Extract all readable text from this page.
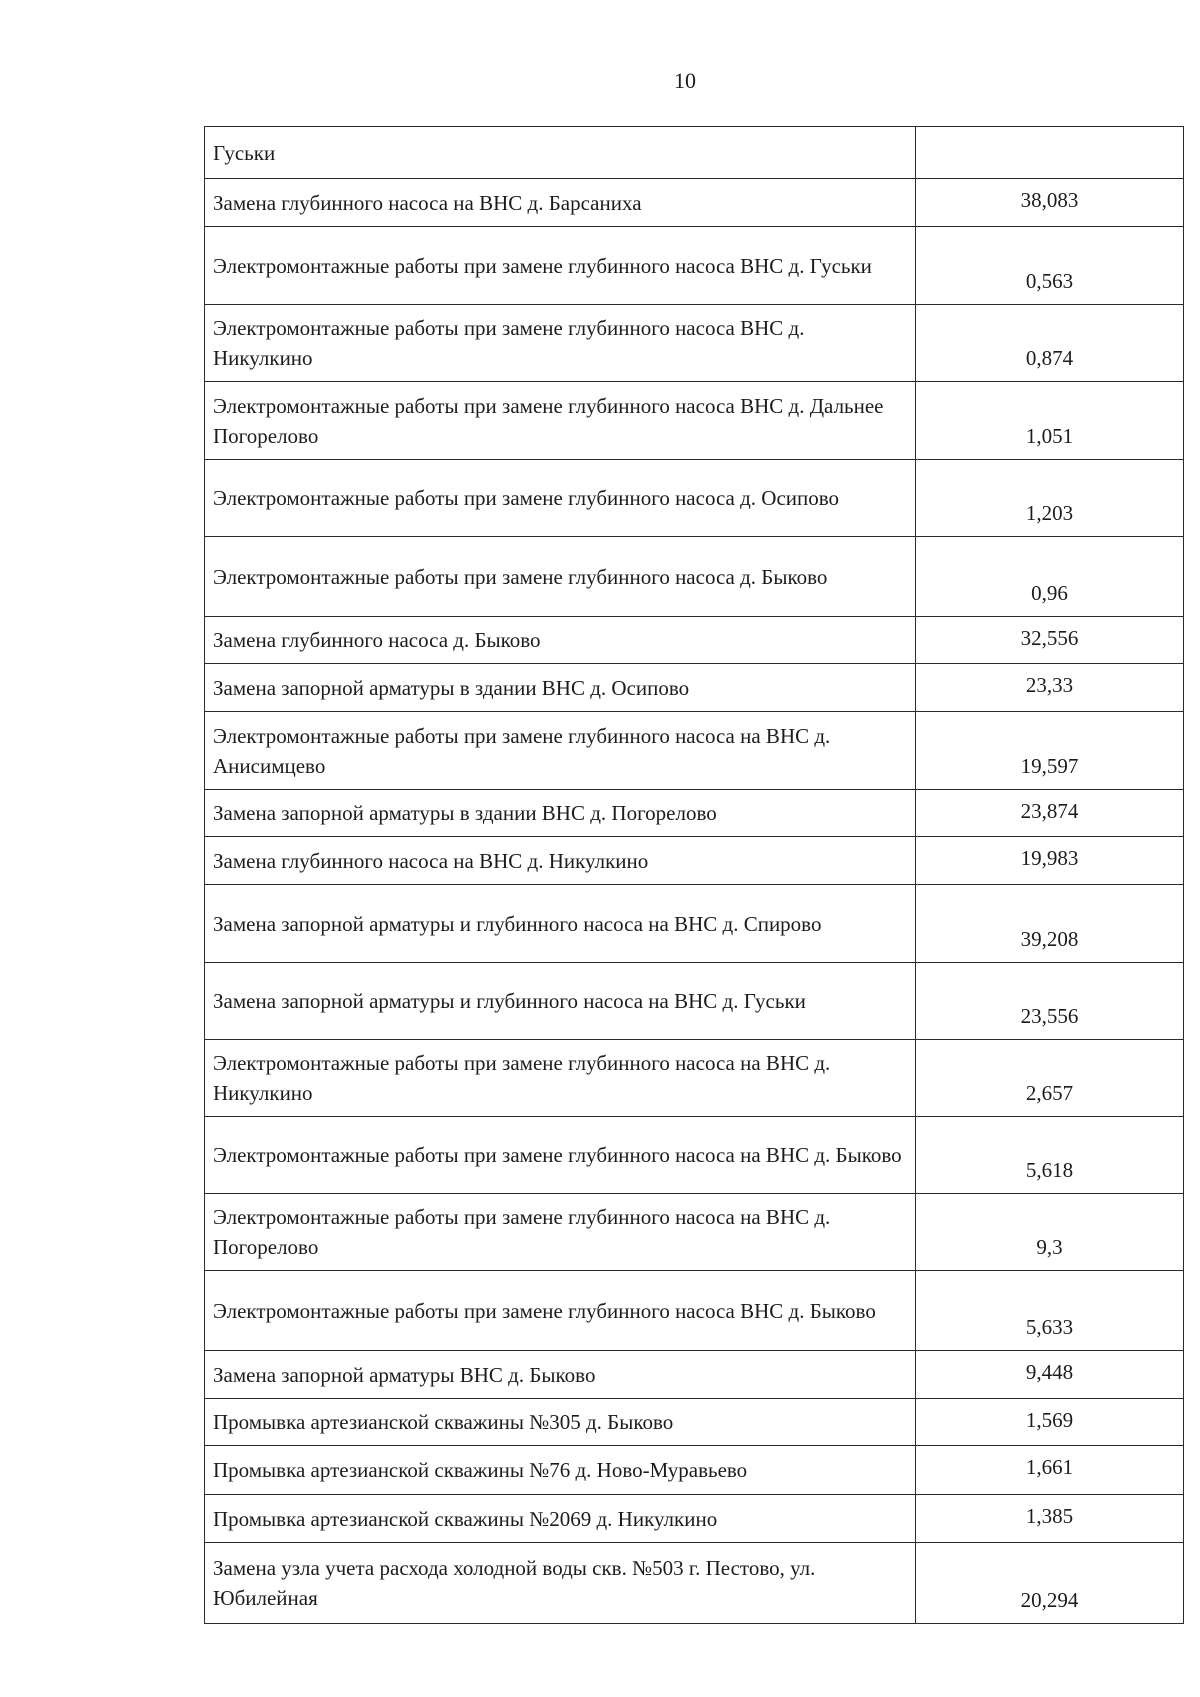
10
Гуськи	
Замена глубинного насоса на ВНС д. Барсаниха	38,083
Электромонтажные работы при замене глубинного насоса ВНС д. Гуськи	0,563
Электромонтажные работы при замене глубинного насоса ВНС д. Никулкино	0,874
Электромонтажные работы при замене глубинного насоса ВНС д. Дальнее Погорелово	1,051
Электромонтажные работы при замене глубинного насоса д. Осипово	1,203
Электромонтажные работы при замене глубинного насоса д. Быково	0,96
Замена глубинного насоса д. Быково	32,556
Замена запорной арматуры в здании ВНС д. Осипово	23,33
Электромонтажные работы при замене глубинного насоса на ВНС д. Анисимцево	19,597
Замена запорной арматуры в здании ВНС д. Погорелово	23,874
Замена глубинного насоса на ВНС д. Никулкино	19,983
Замена запорной арматуры и глубинного насоса на ВНС д. Спирово	39,208
Замена запорной арматуры и глубинного насоса на ВНС д. Гуськи	23,556
Электромонтажные работы при замене глубинного насоса на ВНС д. Никулкино	2,657
Электромонтажные работы при замене глубинного насоса на ВНС д. Быково	5,618
Электромонтажные работы при замене глубинного насоса на ВНС д. Погорелово	9,3
Электромонтажные работы при замене глубинного насоса ВНС д. Быково	5,633
Замена запорной арматуры ВНС д. Быково	9,448
Промывка артезианской скважины №305 д. Быково	1,569
Промывка артезианской скважины №76 д. Ново-Муравьево	1,661
Промывка артезианской скважины №2069 д. Никулкино	1,385
Замена узла учета расхода холодной воды скв. №503 г. Пестово, ул. Юбилейная	20,294
